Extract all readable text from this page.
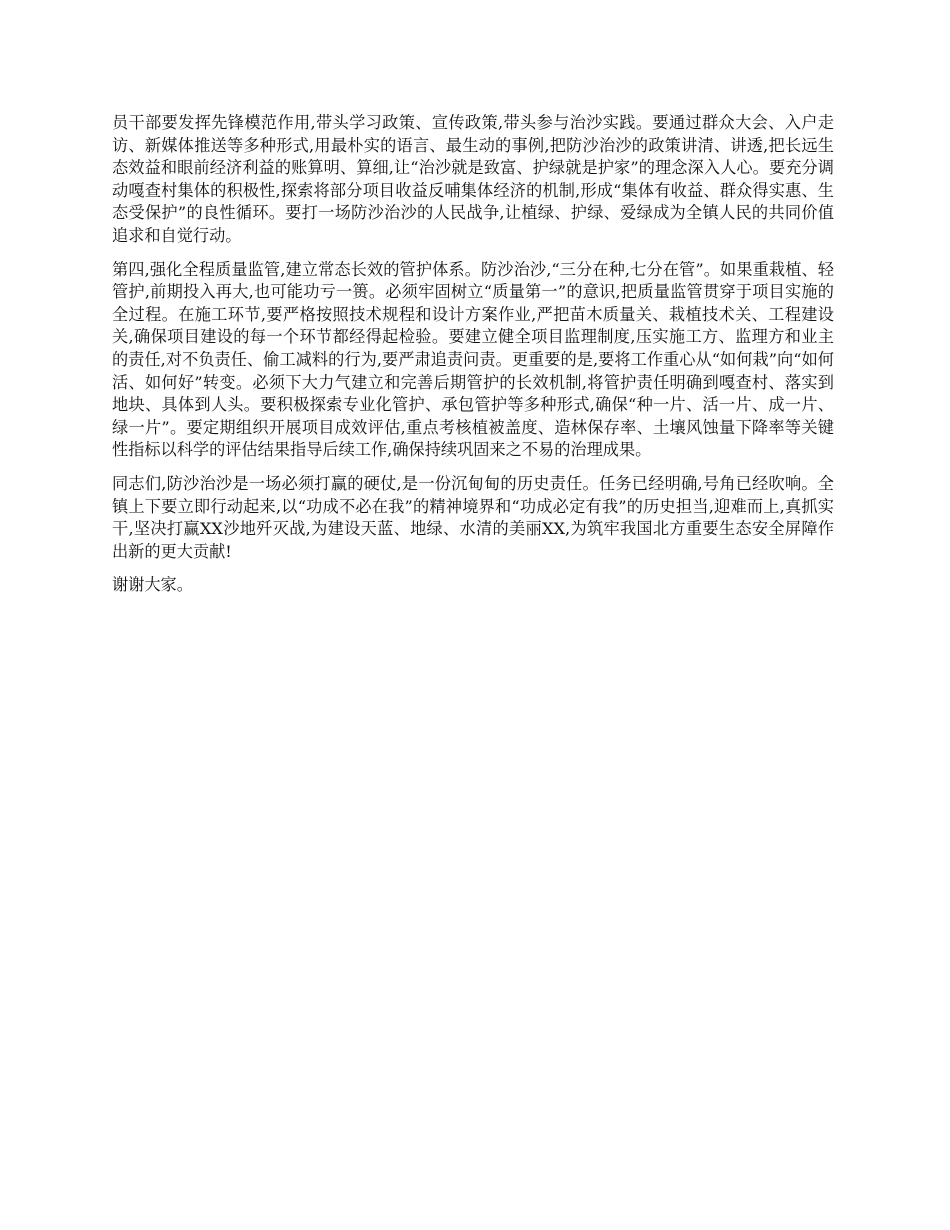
员干部要发挥先锋模范作用,带头学习政策、宣传政策,带头参与治沙实践。要通过群众大会、入户走访、新媒体推送等多种形式,用最朴实的语言、最生动的事例,把防沙治沙的政策讲清、讲透,把长远生态效益和眼前经济利益的账算明、算细,让“治沙就是致富、护绿就是护家”的理念深入人心。要充分调动嘎查村集体的积极性,探索将部分项目收益反哺集体经济的机制,形成“集体有收益、群众得实惠、生态受保护”的良性循环。要打一场防沙治沙的人民战争,让植绿、护绿、爱绿成为全镇人民的共同价值追求和自觉行动。

第四,强化全程质量监管,建立常态长效的管护体系。防沙治沙,“三分在种,七分在管”。如果重栽植、轻管护,前期投入再大,也可能功亏一篑。必须牢固树立“质量第一”的意识,把质量监管贯穿于项目实施的全过程。在施工环节,要严格按照技术规程和设计方案作业,严把苗木质量关、栽植技术关、工程建设关,确保项目建设的每一个环节都经得起检验。要建立健全项目监理制度,压实施工方、监理方和业主的责任,对不负责任、偷工减料的行为,要严肃追责问责。更重要的是,要将工作重心从“如何栽”向“如何活、如何好”转变。必须下大力气建立和完善后期管护的长效机制,将管护责任明确到嘎查村、落实到地块、具体到人头。要积极探索专业化管护、承包管护等多种形式,确保“种一片、活一片、成一片、绿一片”。要定期组织开展项目成效评估,重点考核植被盖度、造林保存率、土壤风蚀量下降率等关键性指标以科学的评估结果指导后续工作,确保持续巩固来之不易的治理成果。

同志们,防沙治沙是一场必须打赢的硬仗,是一份沉甸甸的历史责任。任务已经明确,号角已经吹响。全镇上下要立即行动起来,以“功成不必在我”的精神境界和“功成必定有我”的历史担当,迎难而上,真抓实干,坚决打赢XX沙地歼灭战,为建设天蓝、地绿、水清的美丽XX,为筑牢我国北方重要生态安全屏障作出新的更大贡献!

谢谢大家。
